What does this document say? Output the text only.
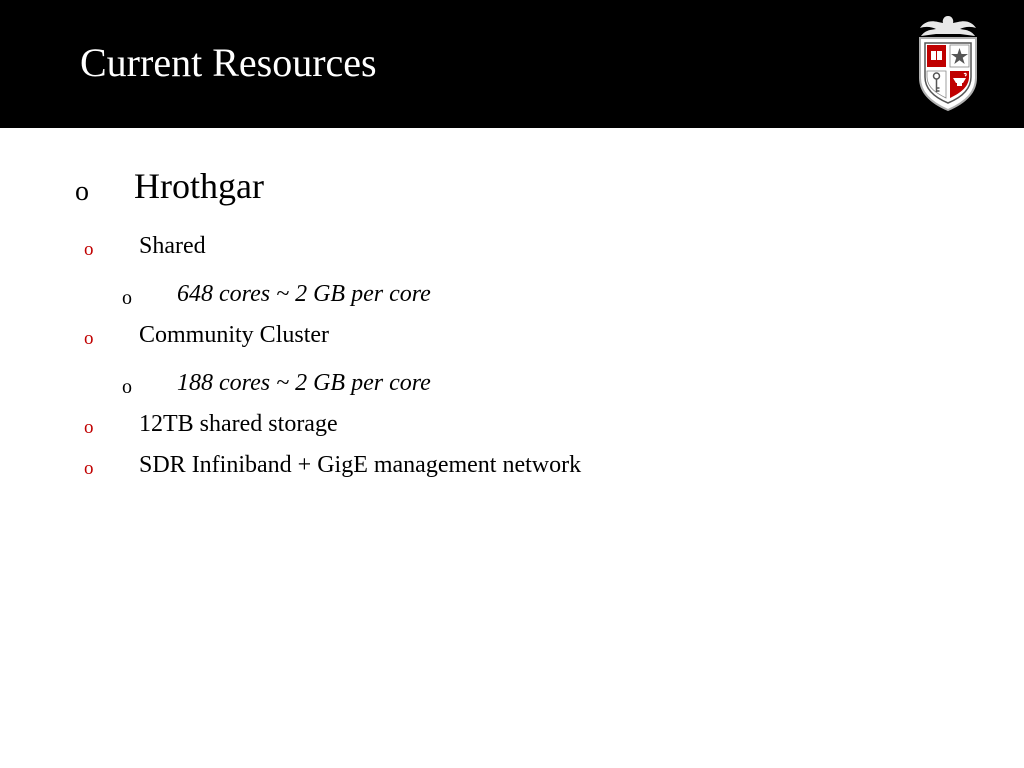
Current Resources
o Hrothgar
o Shared
o 648 cores ~ 2 GB per core
o Community Cluster
o 188 cores ~ 2 GB per core
o 12TB shared storage
o SDR Infiniband + GigE management network
